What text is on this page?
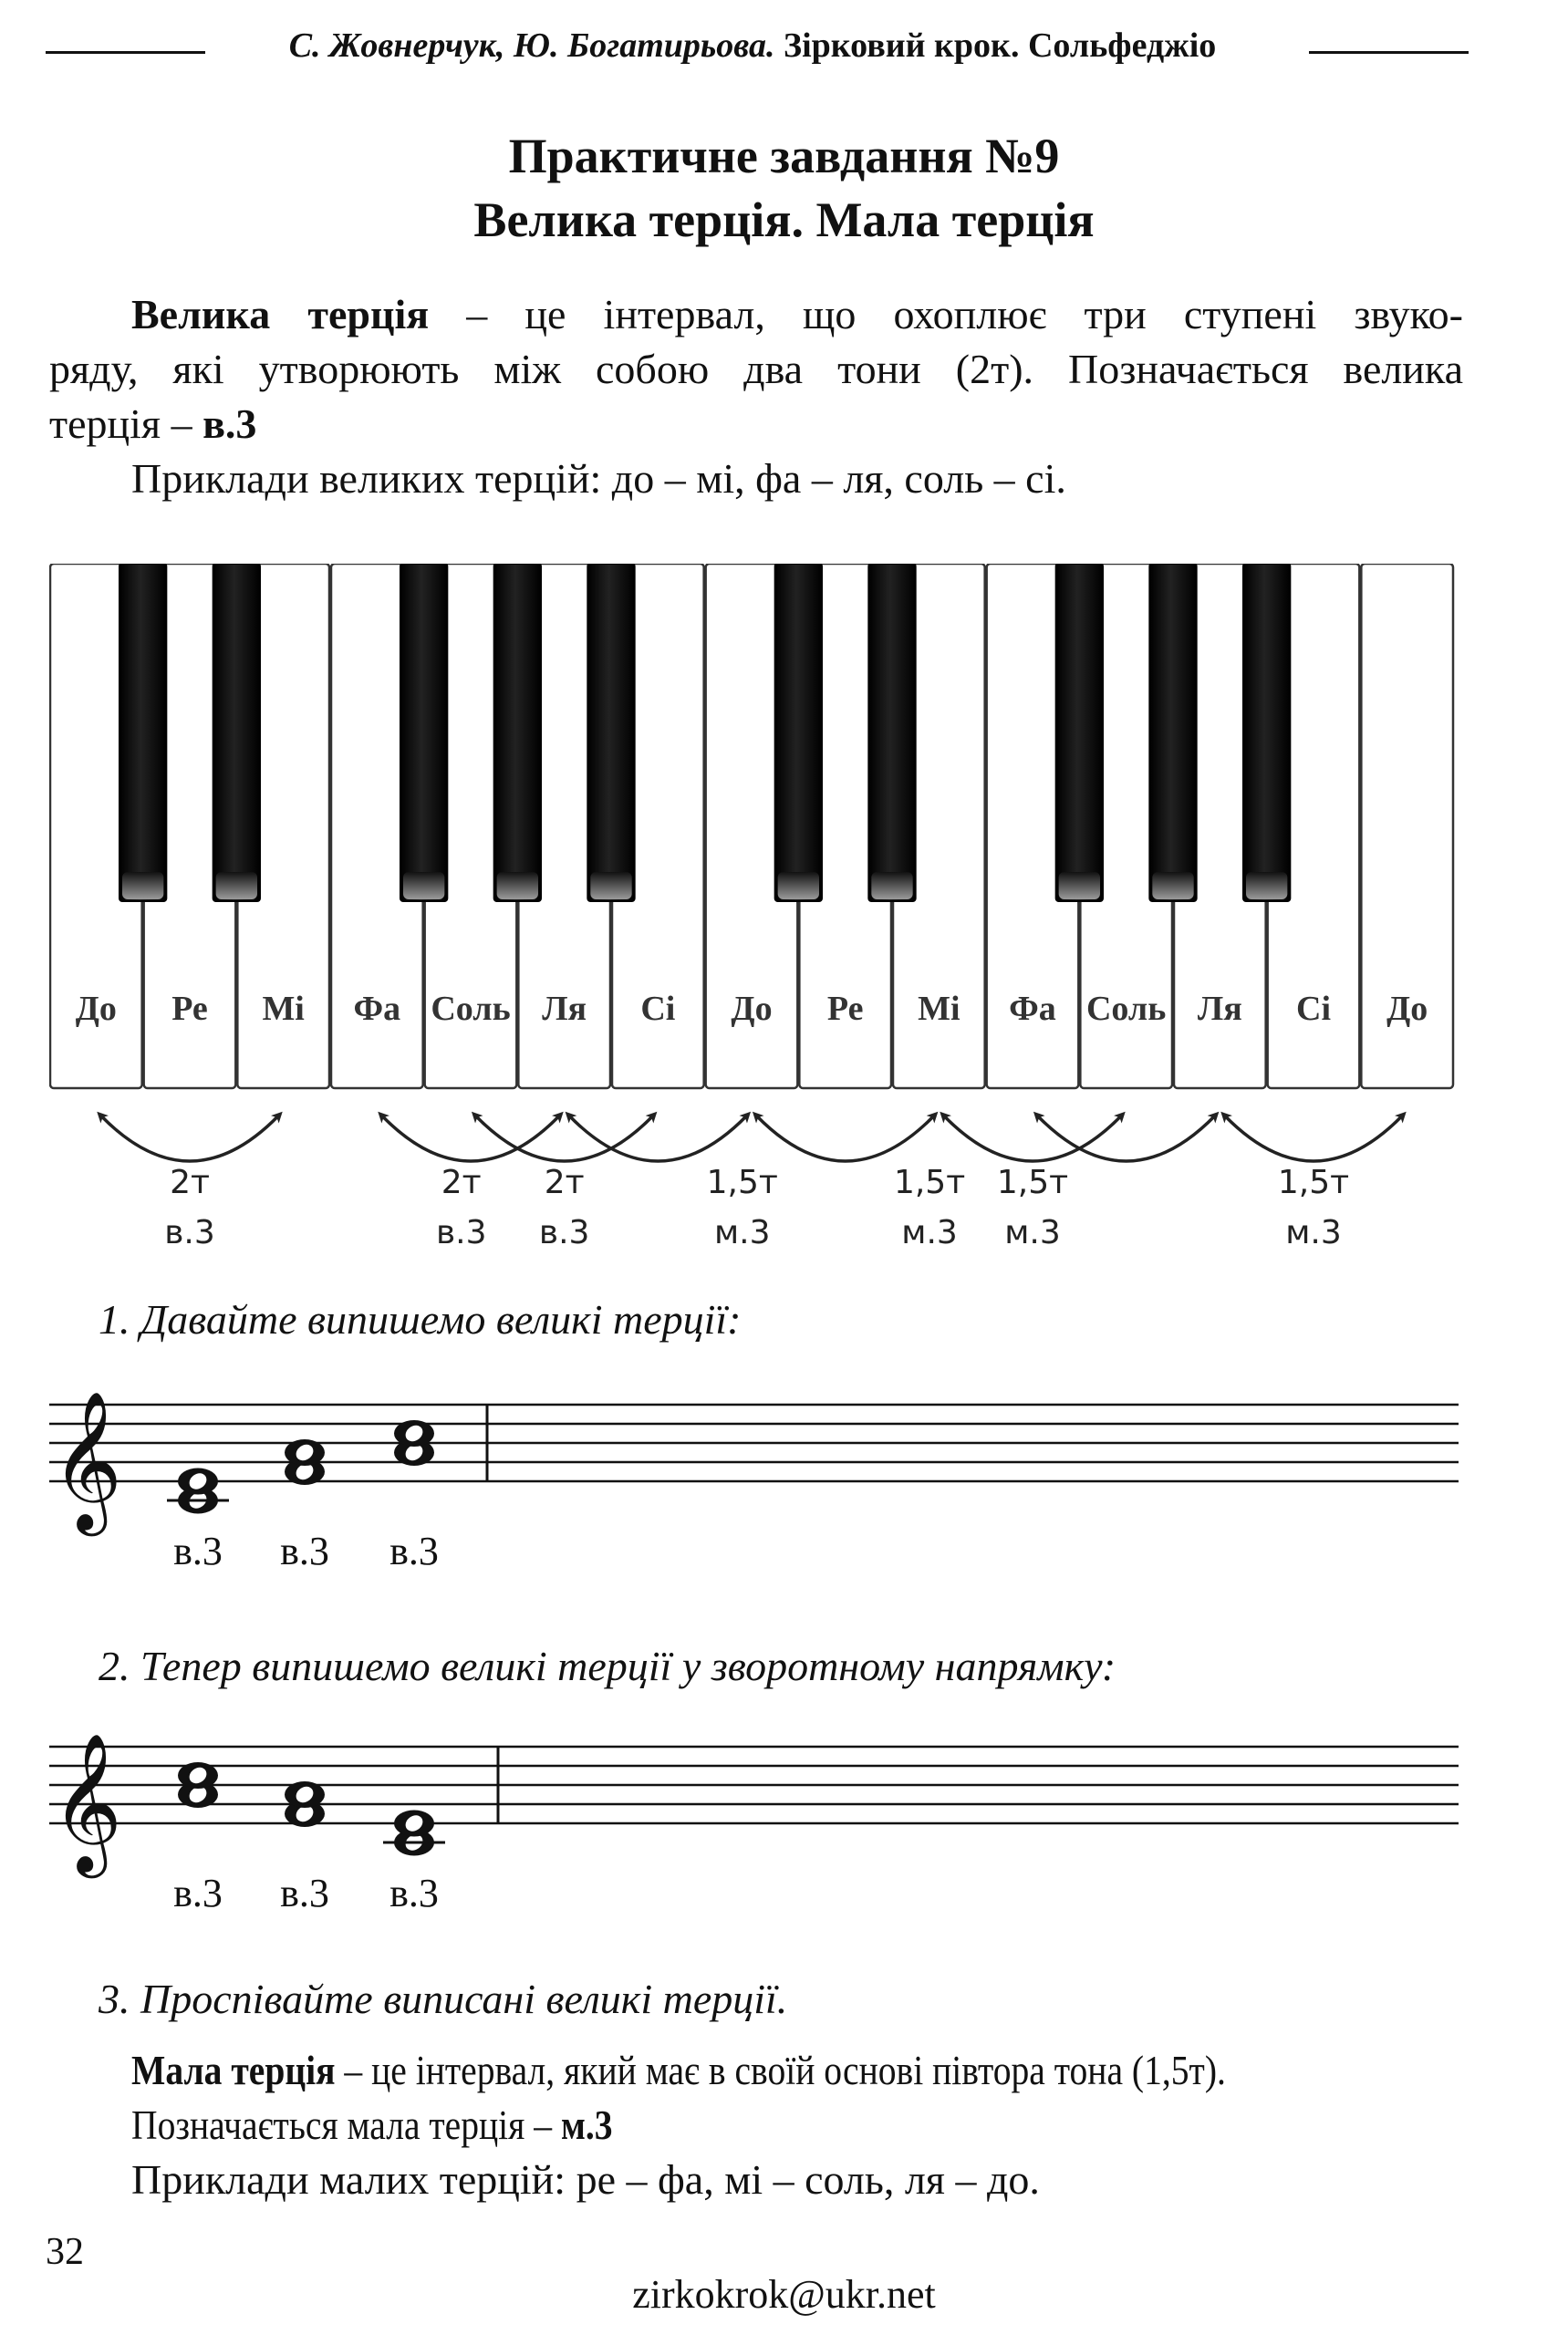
С. Жовнерчук, Ю. Богатирьова. Зірковий крок. Сольфеджіо
Практичне завдання №9
Велика терція. Мала терція

Велика терція – це інтервал, що охоплює три ступені звуко-

ряду, які утворюють між собою два тони (2т). Позначається велика

терція – в.3

Приклади великих терцій: до – мі, фа – ля, соль – сі.

До Ре Мі Фа Соль Ля Сі До Ре Мі Фа Соль Ля Сі До
2т
в.3
2т
в.3
2т
в.3
1,5т
м.3
1,5т
м.3
1,5т
м.3
1,5т
м.3
1. Давайте випишемо великі терції:
𝄞
в.3 в.3 в.3
2. Тепер випишемо великі терції у зворотному напрямку:
𝄞
в.3 в.3 в.3
3. Проспівайте виписані великі терції.

Мала терція – це інтервал, який має в своїй основі півтора тона (1,5т).

Позначається мала терція – м.3

Приклади малих терцій: ре – фа, мі – соль, ля – до.

32
zirkokrok@ukr.net
